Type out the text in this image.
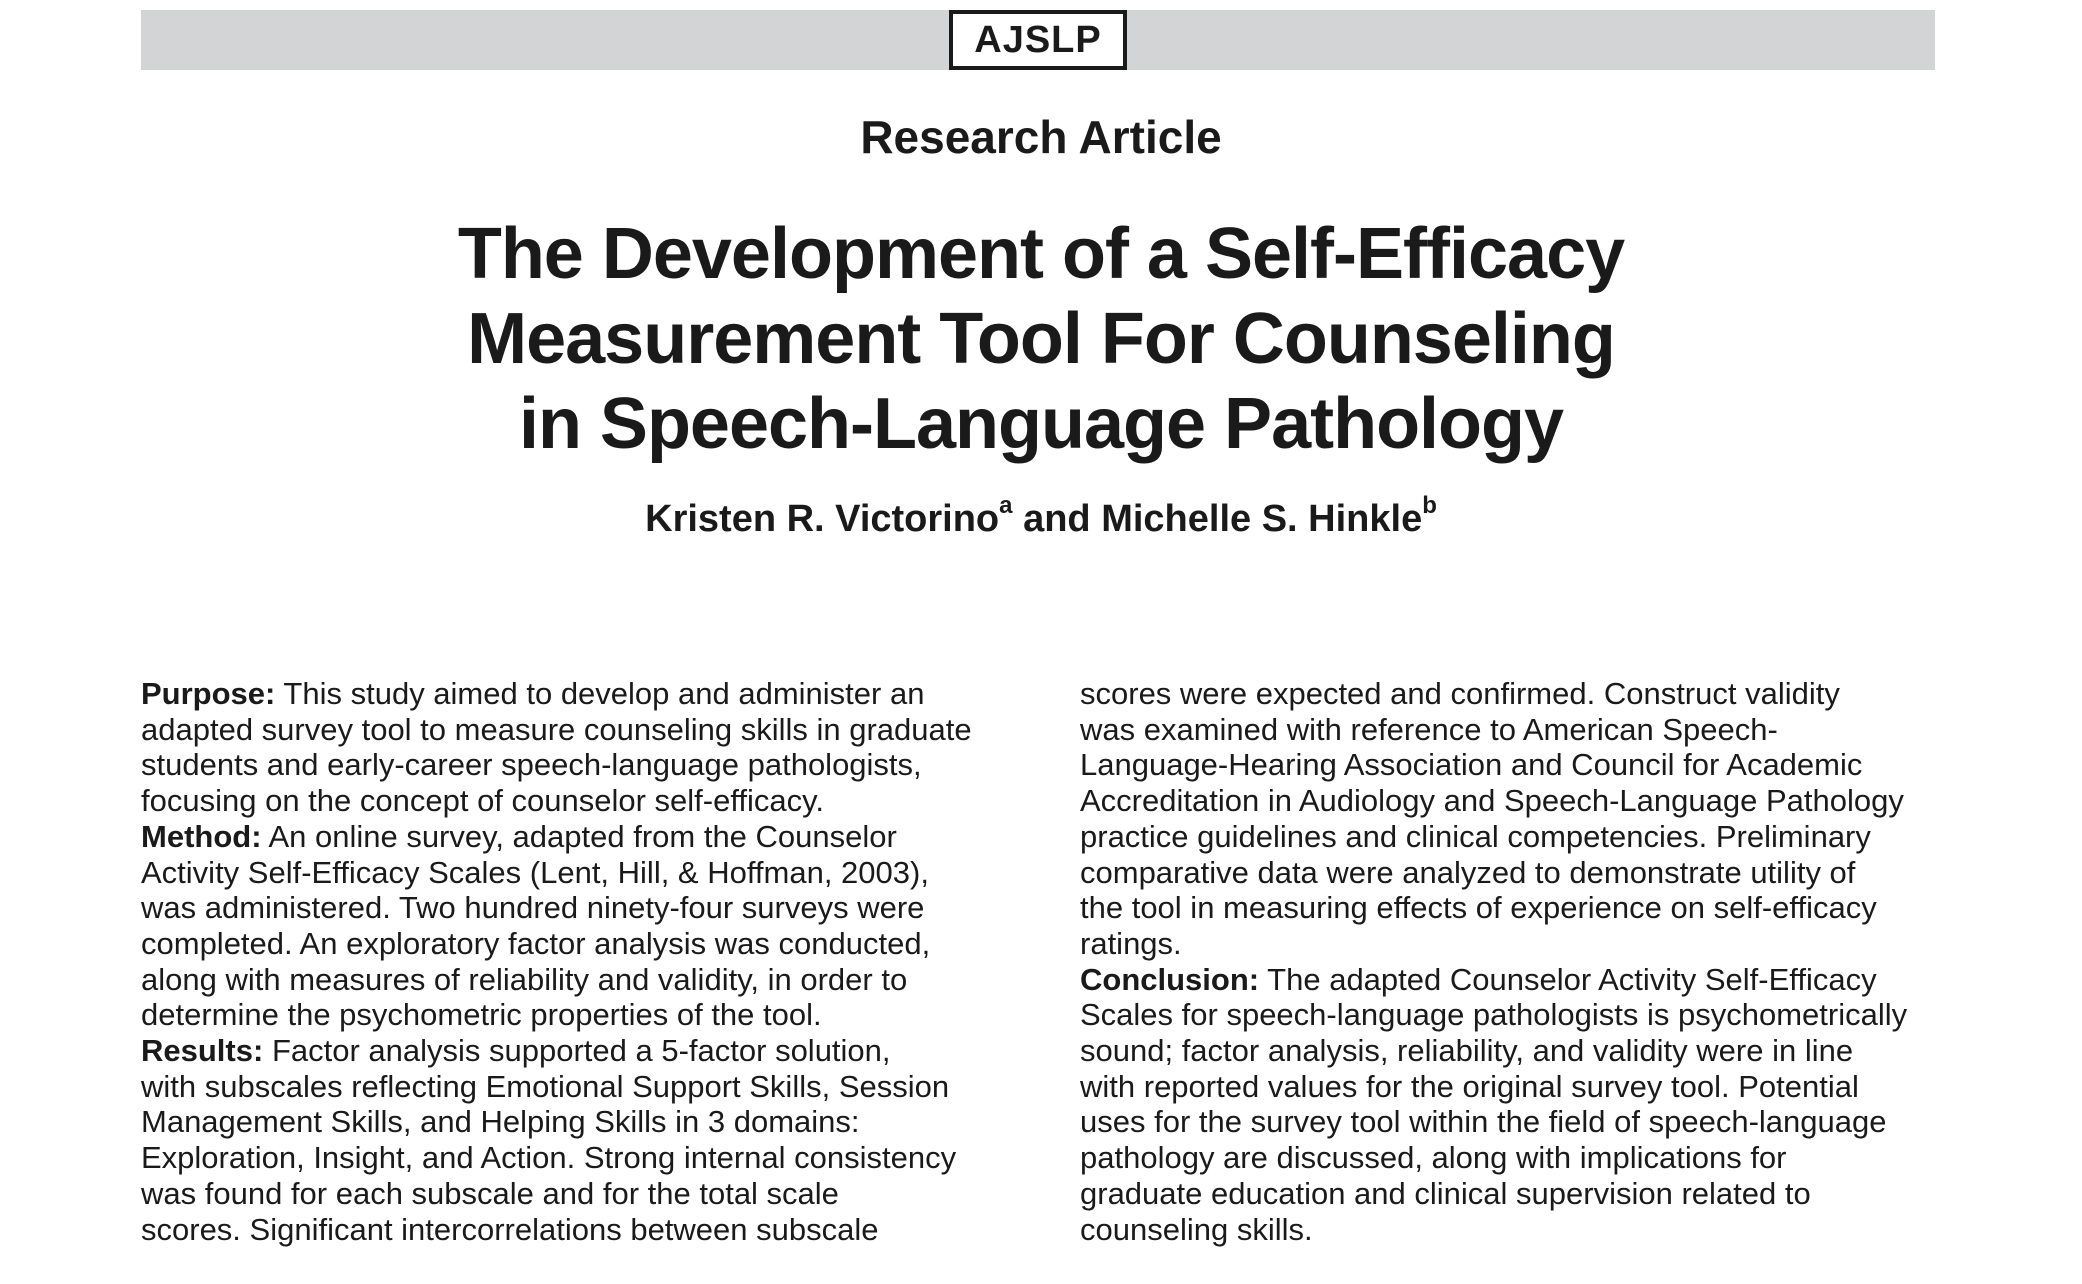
AJSLP
Research Article
The Development of a Self-Efficacy
Measurement Tool For Counseling
in Speech-Language Pathology
Kristen R. Victorino$^a$ and Michelle S. Hinkle$^b$
Purpose: This study aimed to develop and administer an
adapted survey tool to measure counseling skills in graduate
students and early-career speech-language pathologists,
focusing on the concept of counselor self-efficacy.
Method: An online survey, adapted from the Counselor
Activity Self-Efficacy Scales (Lent, Hill, & Hoffman, 2003),
was administered. Two hundred ninety-four surveys were
completed. An exploratory factor analysis was conducted,
along with measures of reliability and validity, in order to
determine the psychometric properties of the tool.
Results: Factor analysis supported a 5-factor solution,
with subscales reflecting Emotional Support Skills, Session
Management Skills, and Helping Skills in 3 domains:
Exploration, Insight, and Action. Strong internal consistency
was found for each subscale and for the total scale
scores. Significant intercorrelations between subscale
scores were expected and confirmed. Construct validity
was examined with reference to American Speech-
Language-Hearing Association and Council for Academic
Accreditation in Audiology and Speech-Language Pathology
practice guidelines and clinical competencies. Preliminary
comparative data were analyzed to demonstrate utility of
the tool in measuring effects of experience on self-efficacy
ratings.
Conclusion: The adapted Counselor Activity Self-Efficacy
Scales for speech-language pathologists is psychometrically
sound; factor analysis, reliability, and validity were in line
with reported values for the original survey tool. Potential
uses for the survey tool within the field of speech-language
pathology are discussed, along with implications for
graduate education and clinical supervision related to
counseling skills.
